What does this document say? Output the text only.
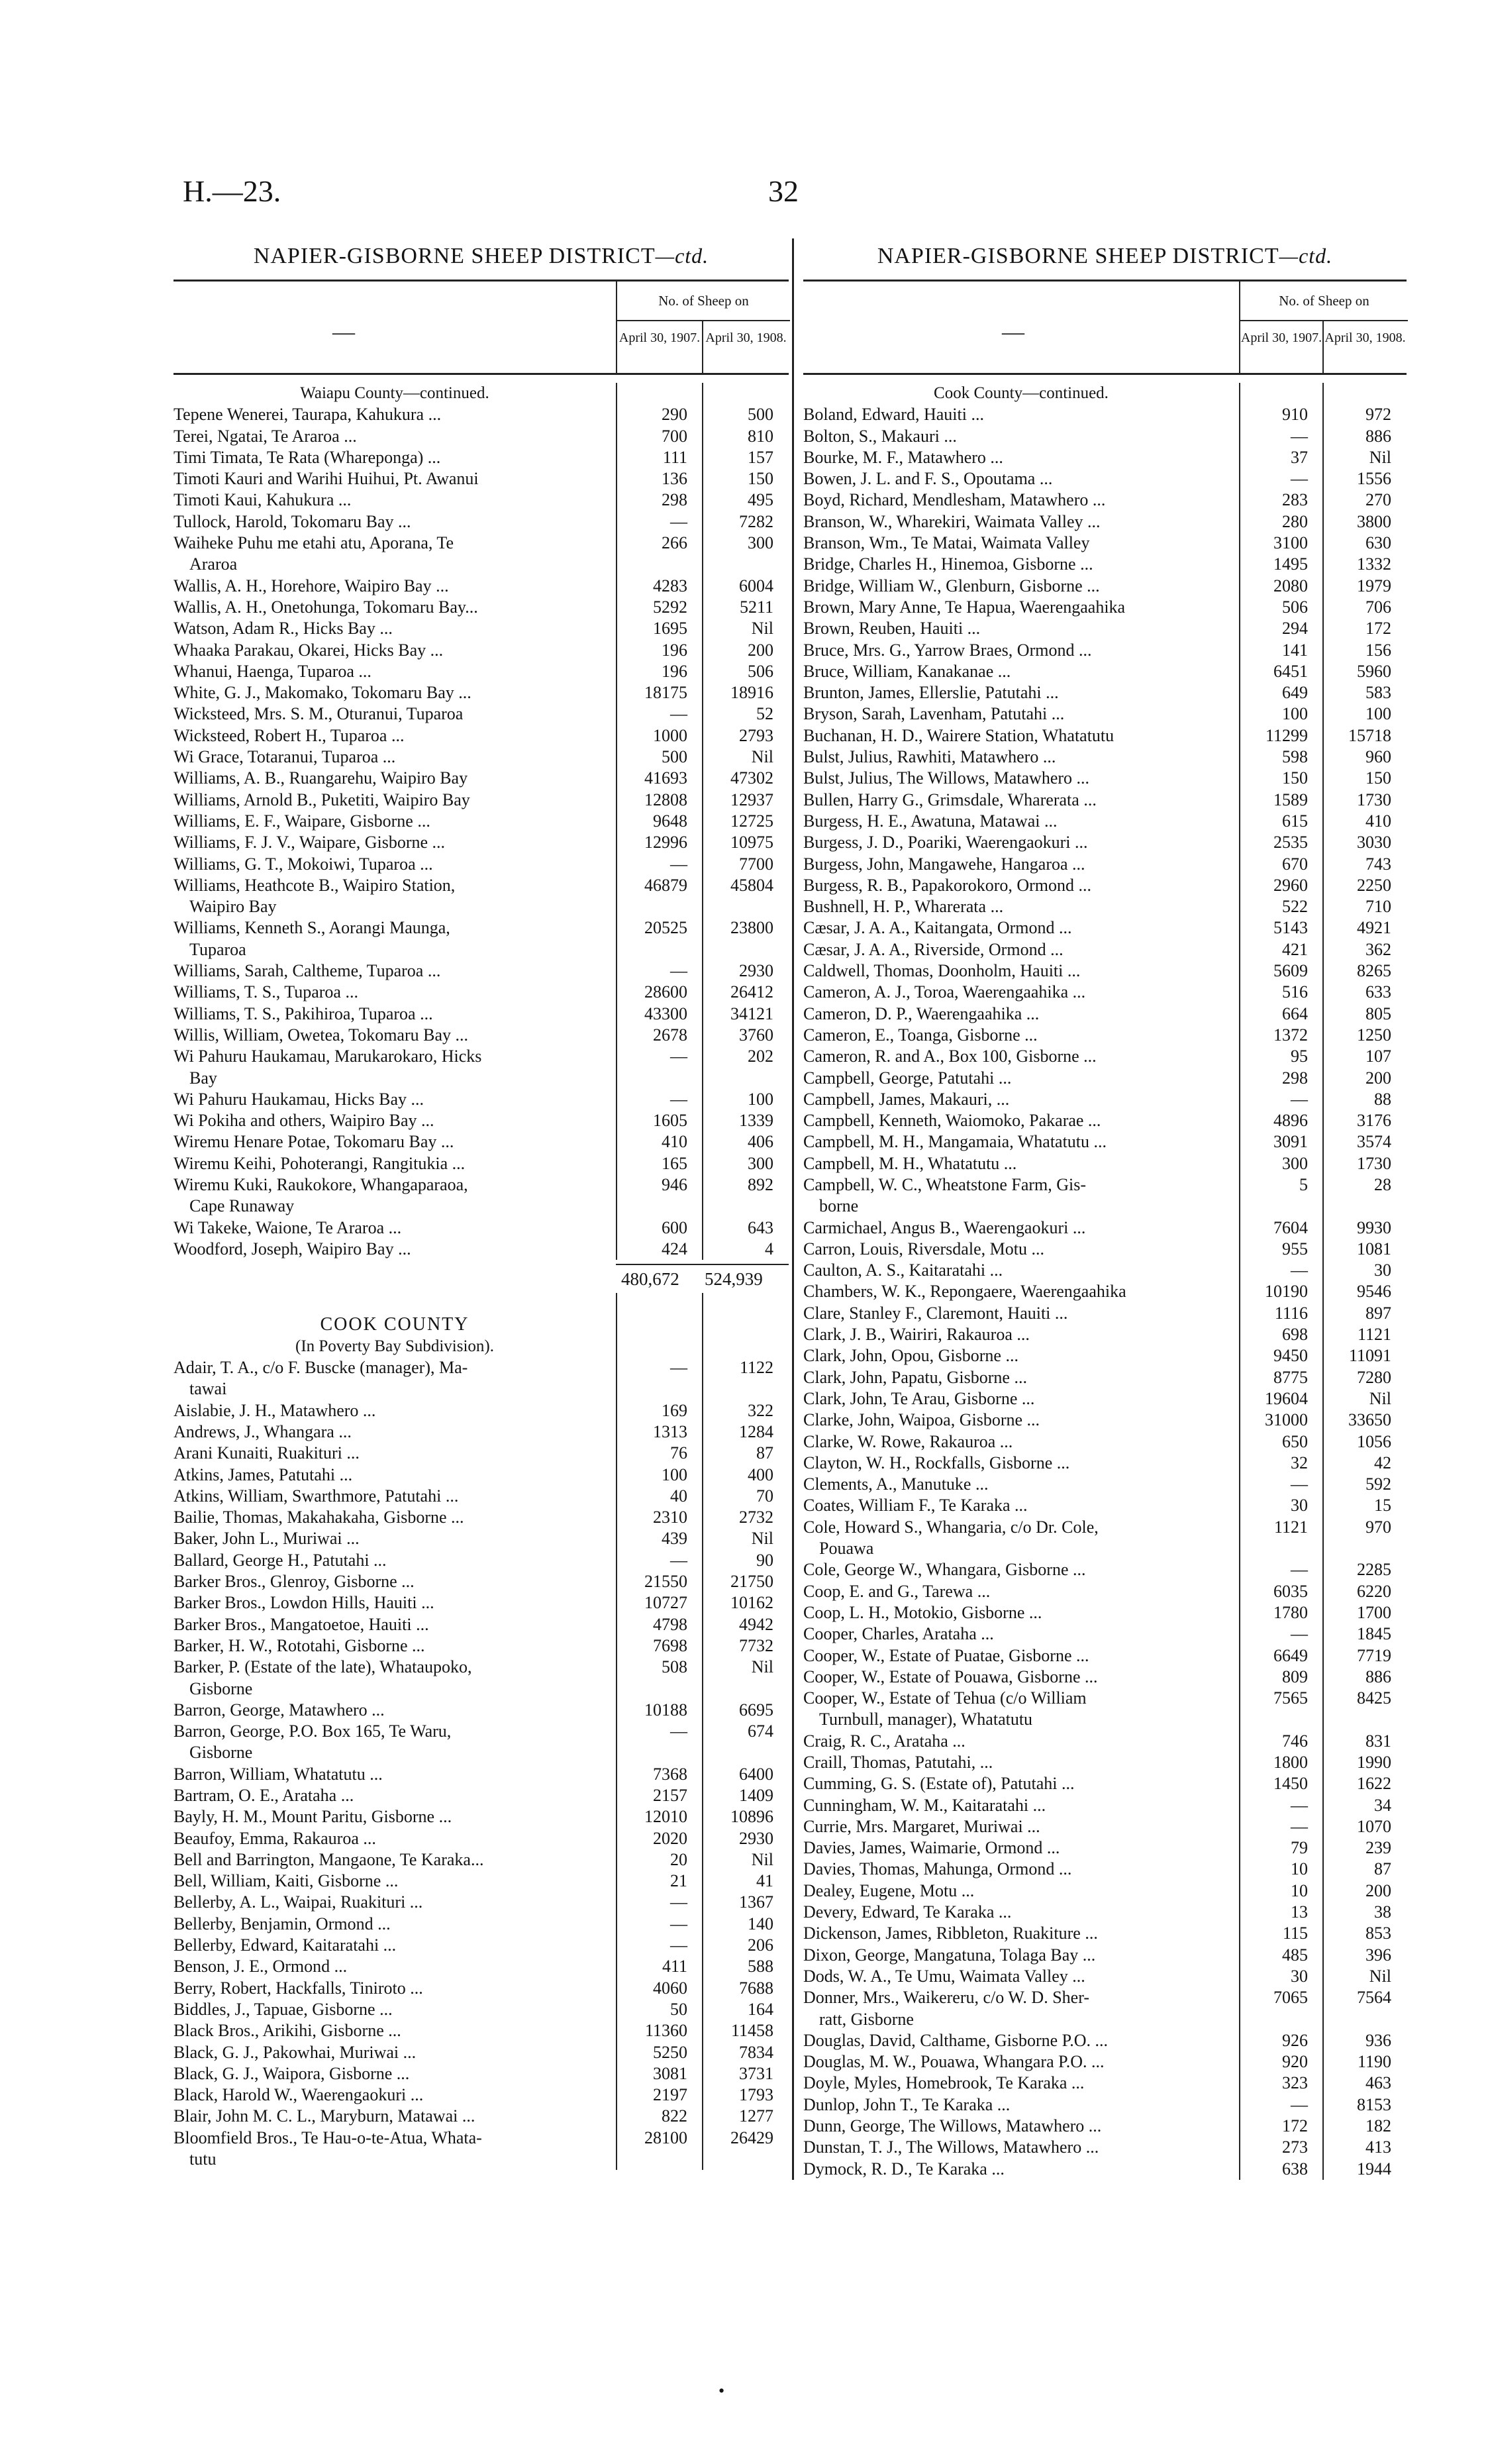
H.—23.	32
NAPIER-GISBORNE SHEEP DISTRICT—ctd.
—
No. of Sheep on
April 30, 1907. April 30, 1908.
Waiapu County—continued.
Tepene Wenerei, Taurapa, Kahukura ...	290	500
Terei, Ngatai, Te Araroa ...	700	810
Timi Timata, Te Rata (Whareponga) ...	111	157
Timoti Kauri and Warihi Huihui, Pt. Awanui	136	150
Timoti Kaui, Kahukura ...	298	495
Tullock, Harold, Tokomaru Bay ...	—	7282
Waiheke Puhu me etahi atu, Aporana, Te	266	300
Araroa
Wallis, A. H., Horehore, Waipiro Bay ...	4283	6004
Wallis, A. H., Onetohunga, Tokomaru Bay...	5292	5211
Watson, Adam R., Hicks Bay ...	1695	Nil
Whaaka Parakau, Okarei, Hicks Bay ...	196	200
Whanui, Haenga, Tuparoa ...	196	506
White, G. J., Makomako, Tokomaru Bay ...	18175	18916
Wicksteed, Mrs. S. M., Oturanui, Tuparoa	—	52
Wicksteed, Robert H., Tuparoa ...	1000	2793
Wi Grace, Totaranui, Tuparoa ...	500	Nil
Williams, A. B., Ruangarehu, Waipiro Bay	41693	47302
Williams, Arnold B., Puketiti, Waipiro Bay	12808	12937
Williams, E. F., Waipare, Gisborne ...	9648	12725
Williams, F. J. V., Waipare, Gisborne ...	12996	10975
Williams, G. T., Mokoiwi, Tuparoa ...	—	7700
Williams, Heathcote B., Waipiro Station,	46879	45804
Waipiro Bay
Williams, Kenneth S., Aorangi Maunga,	20525	23800
Tuparoa
Williams, Sarah, Caltheme, Tuparoa ...	—	2930
Williams, T. S., Tuparoa ...	28600	26412
Williams, T. S., Pakihiroa, Tuparoa ...	43300	34121
Willis, William, Owetea, Tokomaru Bay ...	2678	3760
Wi Pahuru Haukamau, Marukarokaro, Hicks	—	202
Bay
Wi Pahuru Haukamau, Hicks Bay ...	—	100
Wi Pokiha and others, Waipiro Bay ...	1605	1339
Wiremu Henare Potae, Tokomaru Bay ...	410	406
Wiremu Keihi, Pohoterangi, Rangitukia ...	165	300
Wiremu Kuki, Raukokore, Whangaparaoa,	946	892
Cape Runaway
Wi Takeke, Waione, Te Araroa ...	600	643
Woodford, Joseph, Waipiro Bay ...	424	4
480,672 524,939
COOK COUNTY
(In Poverty Bay Subdivision).
Adair, T. A., c/o F. Buscke (manager), Ma-	—	1122
tawai
Aislabie, J. H., Matawhero ...	169	322
Andrews, J., Whangara ...	1313	1284
Arani Kunaiti, Ruakituri ...	76	87
Atkins, James, Patutahi ...	100	400
Atkins, William, Swarthmore, Patutahi ...	40	70
Bailie, Thomas, Makahakaha, Gisborne ...	2310	2732
Baker, John L., Muriwai ...	439	Nil
Ballard, George H., Patutahi ...	—	90
Barker Bros., Glenroy, Gisborne ...	21550	21750
Barker Bros., Lowdon Hills, Hauiti ...	10727	10162
Barker Bros., Mangatoetoe, Hauiti ...	4798	4942
Barker, H. W., Rototahi, Gisborne ...	7698	7732
Barker, P. (Estate of the late), Whataupoko,	508	Nil
Gisborne
Barron, George, Matawhero ...	10188	6695
Barron, George, P.O. Box 165, Te Waru,	—	674
Gisborne
Barron, William, Whatatutu ...	7368	6400
Bartram, O. E., Arataha ...	2157	1409
Bayly, H. M., Mount Paritu, Gisborne ...	12010	10896
Beaufoy, Emma, Rakauroa ...	2020	2930
Bell and Barrington, Mangaone, Te Karaka...	20	Nil
Bell, William, Kaiti, Gisborne ...	21	41
Bellerby, A. L., Waipai, Ruakituri ...	—	1367
Bellerby, Benjamin, Ormond ...	—	140
Bellerby, Edward, Kaitaratahi ...	—	206
Benson, J. E., Ormond ...	411	588
Berry, Robert, Hackfalls, Tiniroto ...	4060	7688
Biddles, J., Tapuae, Gisborne ...	50	164
Black Bros., Arikihi, Gisborne ...	11360	11458
Black, G. J., Pakowhai, Muriwai ...	5250	7834
Black, G. J., Waipora, Gisborne ...	3081	3731
Black, Harold W., Waerengaokuri ...	2197	1793
Blair, John M. C. L., Maryburn, Matawai ...	822	1277
Bloomfield Bros., Te Hau-o-te-Atua, Whata-	28100	26429
tutu
NAPIER-GISBORNE SHEEP DISTRICT—ctd.
—
No. of Sheep on
April 30, 1907. April 30, 1908.
Cook County—continued.
Boland, Edward, Hauiti ...	910	972
Bolton, S., Makauri ...	—	886
Bourke, M. F., Matawhero ...	37	Nil
Bowen, J. L. and F. S., Opoutama ...	—	1556
Boyd, Richard, Mendlesham, Matawhero ...	283	270
Branson, W., Wharekiri, Waimata Valley ...	280	3800
Branson, Wm., Te Matai, Waimata Valley	3100	630
Bridge, Charles H., Hinemoa, Gisborne ...	1495	1332
Bridge, William W., Glenburn, Gisborne ...	2080	1979
Brown, Mary Anne, Te Hapua, Waerengaahika	506	706
Brown, Reuben, Hauiti ...	294	172
Bruce, Mrs. G., Yarrow Braes, Ormond ...	141	156
Bruce, William, Kanakanae ...	6451	5960
Brunton, James, Ellerslie, Patutahi ...	649	583
Bryson, Sarah, Lavenham, Patutahi ...	100	100
Buchanan, H. D., Wairere Station, Whatatutu	11299	15718
Bulst, Julius, Rawhiti, Matawhero ...	598	960
Bulst, Julius, The Willows, Matawhero ...	150	150
Bullen, Harry G., Grimsdale, Wharerata ...	1589	1730
Burgess, H. E., Awatuna, Matawai ...	615	410
Burgess, J. D., Poariki, Waerengaokuri ...	2535	3030
Burgess, John, Mangawehe, Hangaroa ...	670	743
Burgess, R. B., Papakorokoro, Ormond ...	2960	2250
Bushnell, H. P., Wharerata ...	522	710
Cæsar, J. A. A., Kaitangata, Ormond ...	5143	4921
Cæsar, J. A. A., Riverside, Ormond ...	421	362
Caldwell, Thomas, Doonholm, Hauiti ...	5609	8265
Cameron, A. J., Toroa, Waerengaahika ...	516	633
Cameron, D. P., Waerengaahika ...	664	805
Cameron, E., Toanga, Gisborne ...	1372	1250
Cameron, R. and A., Box 100, Gisborne ...	95	107
Campbell, George, Patutahi ...	298	200
Campbell, James, Makauri, ...	—	88
Campbell, Kenneth, Waiomoko, Pakarae ...	4896	3176
Campbell, M. H., Mangamaia, Whatatutu ...	3091	3574
Campbell, M. H., Whatatutu ...	300	1730
Campbell, W. C., Wheatstone Farm, Gis-	5	28
borne
Carmichael, Angus B., Waerengaokuri ...	7604	9930
Carron, Louis, Riversdale, Motu ...	955	1081
Caulton, A. S., Kaitaratahi ...	—	30
Chambers, W. K., Repongaere, Waerengaahika	10190	9546
Clare, Stanley F., Claremont, Hauiti ...	1116	897
Clark, J. B., Wairiri, Rakauroa ...	698	1121
Clark, John, Opou, Gisborne ...	9450	11091
Clark, John, Papatu, Gisborne ...	8775	7280
Clark, John, Te Arau, Gisborne ...	19604	Nil
Clarke, John, Waipoa, Gisborne ...	31000	33650
Clarke, W. Rowe, Rakauroa ...	650	1056
Clayton, W. H., Rockfalls, Gisborne ...	32	42
Clements, A., Manutuke ...	—	592
Coates, William F., Te Karaka ...	30	15
Cole, Howard S., Whangaria, c/o Dr. Cole,	1121	970
Pouawa
Cole, George W., Whangara, Gisborne ...	—	2285
Coop, E. and G., Tarewa ...	6035	6220
Coop, L. H., Motokio, Gisborne ...	1780	1700
Cooper, Charles, Arataha ...	—	1845
Cooper, W., Estate of Puatae, Gisborne ...	6649	7719
Cooper, W., Estate of Pouawa, Gisborne ...	809	886
Cooper, W., Estate of Tehua (c/o William	7565	8425
Turnbull, manager), Whatatutu
Craig, R. C., Arataha ...	746	831
Craill, Thomas, Patutahi, ...	1800	1990
Cumming, G. S. (Estate of), Patutahi ...	1450	1622
Cunningham, W. M., Kaitaratahi ...	—	34
Currie, Mrs. Margaret, Muriwai ...	—	1070
Davies, James, Waimarie, Ormond ...	79	239
Davies, Thomas, Mahunga, Ormond ...	10	87
Dealey, Eugene, Motu ...	10	200
Devery, Edward, Te Karaka ...	13	38
Dickenson, James, Ribbleton, Ruakiture ...	115	853
Dixon, George, Mangatuna, Tolaga Bay ...	485	396
Dods, W. A., Te Umu, Waimata Valley ...	30	Nil
Donner, Mrs., Waikereru, c/o W. D. Sher-	7065	7564
ratt, Gisborne
Douglas, David, Calthame, Gisborne P.O. ...	926	936
Douglas, M. W., Pouawa, Whangara P.O. ...	920	1190
Doyle, Myles, Homebrook, Te Karaka ...	323	463
Dunlop, John T., Te Karaka ...	—	8153
Dunn, George, The Willows, Matawhero ...	172	182
Dunstan, T. J., The Willows, Matawhero ...	273	413
Dymock, R. D., Te Karaka ...	638	1944
•
